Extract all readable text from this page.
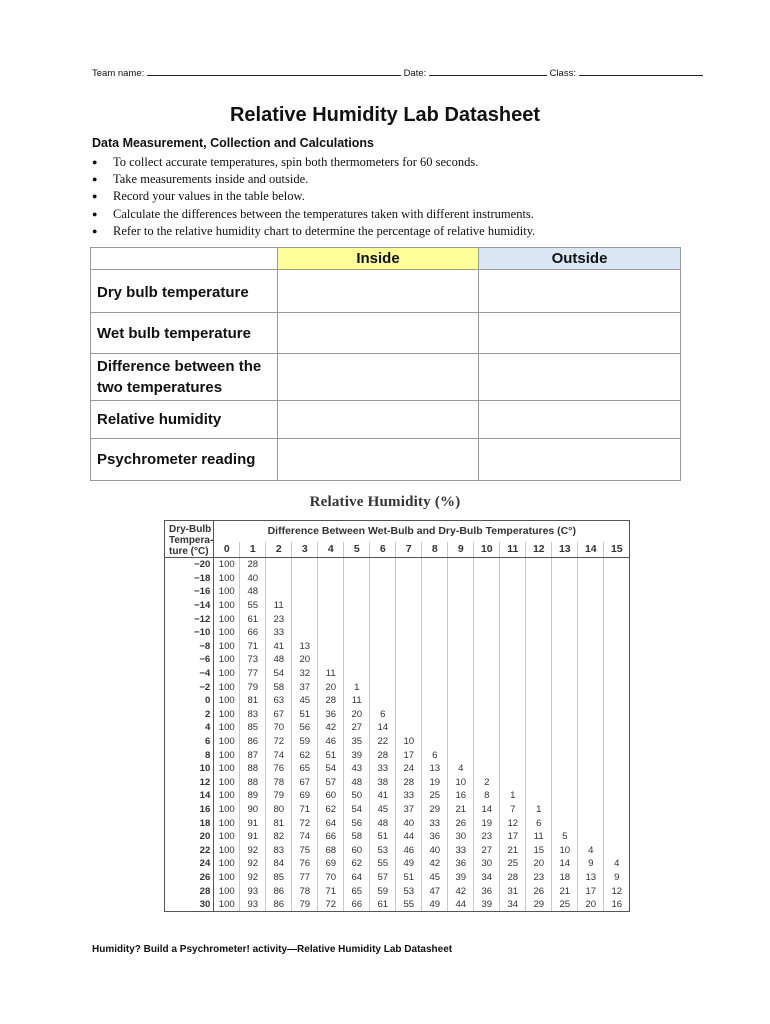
Team name:	Date:	Class:
Relative Humidity Lab Datasheet
Data Measurement, Collection and Calculations
● To collect accurate temperatures, spin both thermometers for 60 seconds.
● Take measurements inside and outside.
● Record your values in the table below.
● Calculate the differences between the temperatures taken with different instruments.
● Refer to the relative humidity chart to determine the percentage of relative humidity.
	Inside	Outside
Dry bulb temperature		
Wet bulb temperature		
Difference between the two temperatures		
Relative humidity		
Psychrometer reading		
Relative Humidity (%)
Dry-Bulb Tempera- ture (°C)	Difference Between Wet-Bulb and Dry-Bulb Temperatures (C°)															
	0	1	2	3	4	5	6	7	8	9	10	11	12	13	14	15
−20	100	28														
−18	100	40														
−16	100	48														
−14	100	55	11													
−12	100	61	23													
−10	100	66	33													
−8	100	71	41	13												
−6	100	73	48	20												
−4	100	77	54	32	11											
−2	100	79	58	37	20	1										
0	100	81	63	45	28	11										
2	100	83	67	51	36	20	6									
4	100	85	70	56	42	27	14									
6	100	86	72	59	46	35	22	10								
8	100	87	74	62	51	39	28	17	6							
10	100	88	76	65	54	43	33	24	13	4						
12	100	88	78	67	57	48	38	28	19	10	2					
14	100	89	79	69	60	50	41	33	25	16	8	1				
16	100	90	80	71	62	54	45	37	29	21	14	7	1			
18	100	91	81	72	64	56	48	40	33	26	19	12	6			
20	100	91	82	74	66	58	51	44	36	30	23	17	11	5		
22	100	92	83	75	68	60	53	46	40	33	27	21	15	10	4	
24	100	92	84	76	69	62	55	49	42	36	30	25	20	14	9	4
26	100	92	85	77	70	64	57	51	45	39	34	28	23	18	13	9
28	100	93	86	78	71	65	59	53	47	42	36	31	26	21	17	12
30	100	93	86	79	72	66	61	55	49	44	39	34	29	25	20	16
Humidity? Build a Psychrometer! activity—Relative Humidity Lab Datasheet
